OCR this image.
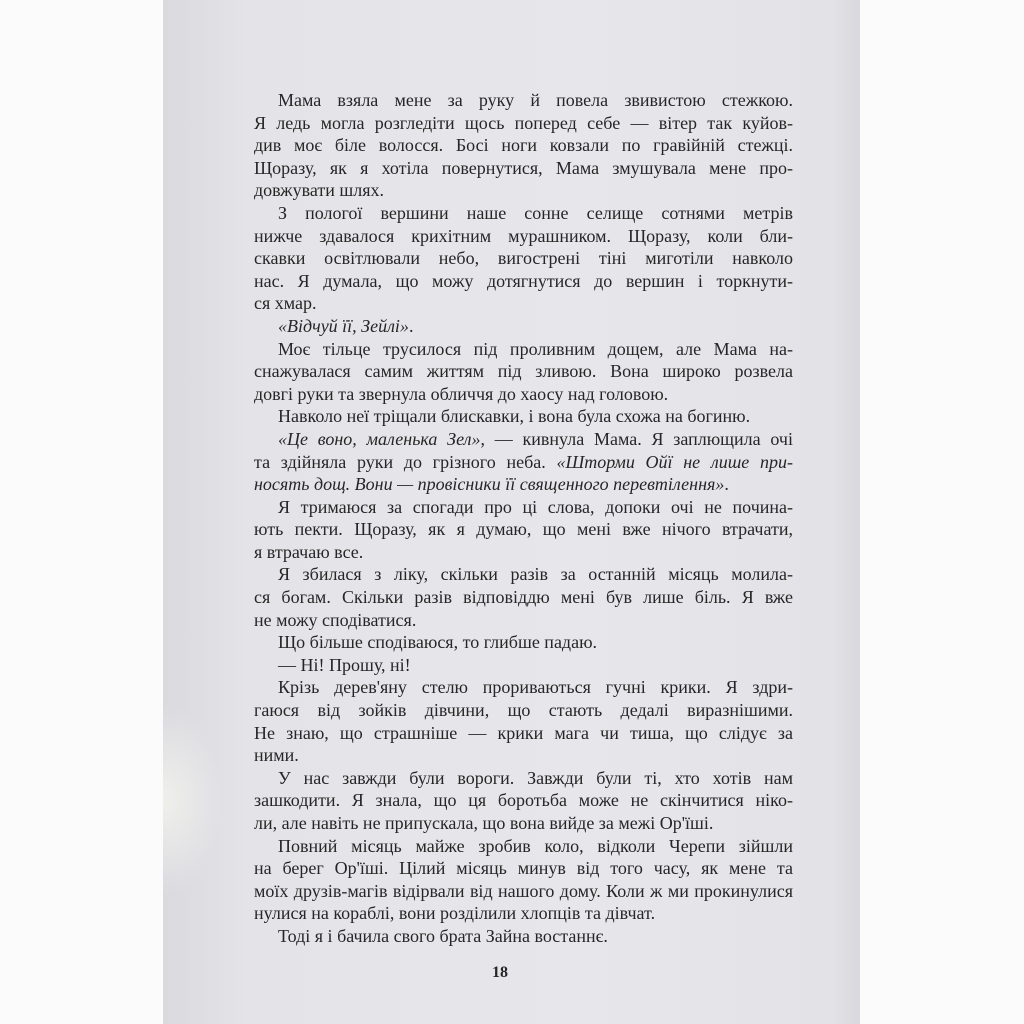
Мама взяла мене за руку й повела звивистою стежкою.
Я ледь могла розгледіти щось поперед себе — вітер так куйов-
див моє біле волосся. Босі ноги ковзали по гравійній стежці.
Щоразу, як я хотіла повернутися, Мама змушувала мене про-
довжувати шлях.
З пологої вершини наше сонне селище сотнями метрів
нижче здавалося крихітним мурашником. Щоразу, коли бли-
скавки освітлювали небо, вигострені тіні миготіли навколо
нас. Я думала, що можу дотягнутися до вершин і торкнути-
ся хмар.
«Відчуй її, Зейлі».
Моє тільце трусилося під проливним дощем, але Мама на-
снажувалася самим життям під зливою. Вона широко розвела
довгі руки та звернула обличчя до хаосу над головою.
Навколо неї тріщали блискавки, і вона була схожа на богиню.
«Це воно, маленька Зел», — кивнула Мама. Я заплющила очі
та здійняла руки до грізного неба. «Шторми Ойї не лише при-
носять дощ. Вони — провісники її священного перевтілення».
Я тримаюся за спогади про ці слова, допоки очі не почина-
ють пекти. Щоразу, як я думаю, що мені вже нічого втрачати,
я втрачаю все.
Я збилася з ліку, скільки разів за останній місяць молила-
ся богам. Скільки разів відповіддю мені був лише біль. Я вже
не можу сподіватися.
Що більше сподіваюся, то глибше падаю.
— Ні! Прошу, ні!
Крізь дерев'яну стелю прориваються гучні крики. Я здри-
гаюся від зойків дівчини, що стають дедалі виразнішими.
Не знаю, що страшніше — крики мага чи тиша, що слідує за
ними.
У нас завжди були вороги. Завжди були ті, хто хотів нам
зашкодити. Я знала, що ця боротьба може не скінчитися ніко-
ли, але навіть не припускала, що вона вийде за межі Ор'їші.
Повний місяць майже зробив коло, відколи Черепи зійшли
на берег Ор'їші. Цілий місяць минув від того часу, як мене та
моїх друзів-магів відірвали від нашого дому. Коли ж ми прокинулися
нулися на кораблі, вони розділили хлопців та дівчат.
Тоді я і бачила свого брата Зайна востаннє.
18
